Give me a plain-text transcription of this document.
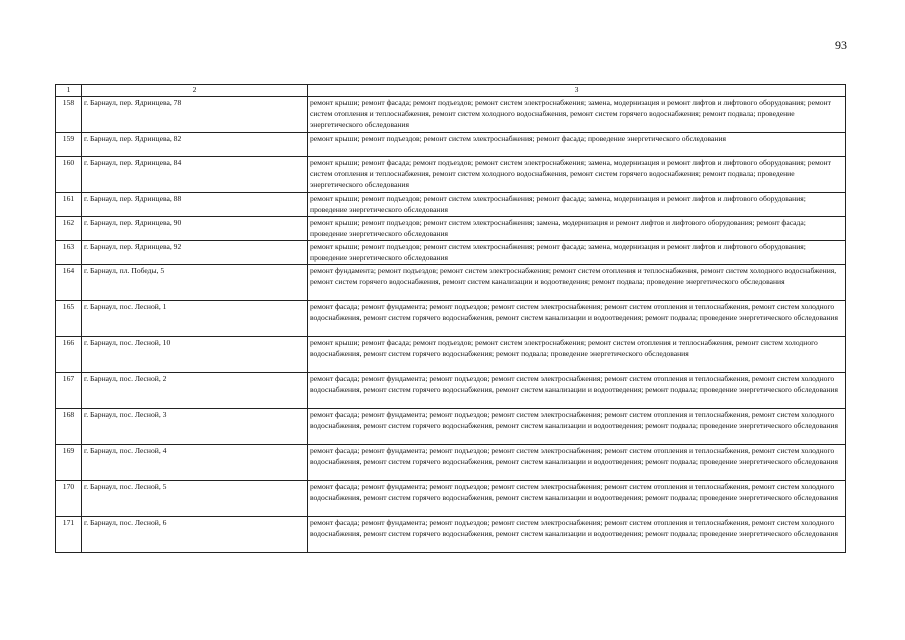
93
1	2	3
158	г. Барнаул, пер. Ядринцева, 78	ремонт крыши; ремонт фасада; ремонт подъездов; ремонт систем электроснабжения; замена, модернизация и ремонт лифтов и лифтового оборудования; ремонт систем отопления и теплоснабжения, ремонт систем холодного водоснабжения, ремонт систем горячего водоснабжения; ремонт подвала; проведение энергетического обследования
159	г. Барнаул, пер. Ядринцева, 82	ремонт крыши; ремонт подъездов; ремонт систем электроснабжения; ремонт фасада; проведение энергетического обследования
160	г. Барнаул, пер. Ядринцева, 84	ремонт крыши; ремонт фасада; ремонт подъездов; ремонт систем электроснабжения; замена, модернизация и ремонт лифтов и лифтового оборудования; ремонт систем отопления и теплоснабжения, ремонт систем холодного водоснабжения, ремонт систем горячего водоснабжения; ремонт подвала; проведение энергетического обследования
161	г. Барнаул, пер. Ядринцева, 88	ремонт крыши; ремонт подъездов; ремонт систем электроснабжения; ремонт фасада; замена, модернизация и ремонт лифтов и лифтового оборудования; проведение энергетического обследования
162	г. Барнаул, пер. Ядринцева, 90	ремонт крыши; ремонт подъездов; ремонт систем электроснабжения; замена, модернизация и ремонт лифтов и лифтового оборудования; ремонт фасада; проведение энергетического обследования
163	г. Барнаул, пер. Ядринцева, 92	ремонт крыши; ремонт подъездов; ремонт систем электроснабжения; ремонт фасада; замена, модернизация и ремонт лифтов и лифтового оборудования; проведение энергетического обследования
164	г. Барнаул, пл. Победы, 5	ремонт фундамента; ремонт подъездов; ремонт систем электроснабжения; ремонт систем отопления и теплоснабжения, ремонт систем холодного водоснабжения, ремонт систем горячего водоснабжения, ремонт систем канализации и водоотведения; ремонт подвала; проведение энергетического обследования
165	г. Барнаул, пос. Лесной, 1	ремонт фасада; ремонт фундамента; ремонт подъездов; ремонт систем электроснабжения; ремонт систем отопления и теплоснабжения, ремонт систем холодного водоснабжения, ремонт систем горячего водоснабжения, ремонт систем канализации и водоотведения; ремонт подвала; проведение энергетического обследования
166	г. Барнаул, пос. Лесной, 10	ремонт крыши; ремонт фасада; ремонт подъездов; ремонт систем электроснабжения; ремонт систем отопления и теплоснабжения, ремонт систем холодного водоснабжения, ремонт систем горячего водоснабжения; ремонт подвала; проведение энергетического обследования
167	г. Барнаул, пос. Лесной, 2	ремонт фасада; ремонт фундамента; ремонт подъездов; ремонт систем электроснабжения; ремонт систем отопления и теплоснабжения, ремонт систем холодного водоснабжения, ремонт систем горячего водоснабжения, ремонт систем канализации и водоотведения; ремонт подвала; проведение энергетического обследования
168	г. Барнаул, пос. Лесной, 3	ремонт фасада; ремонт фундамента; ремонт подъездов; ремонт систем электроснабжения; ремонт систем отопления и теплоснабжения, ремонт систем холодного водоснабжения, ремонт систем горячего водоснабжения, ремонт систем канализации и водоотведения; ремонт подвала; проведение энергетического обследования
169	г. Барнаул, пос. Лесной, 4	ремонт фасада; ремонт фундамента; ремонт подъездов; ремонт систем электроснабжения; ремонт систем отопления и теплоснабжения, ремонт систем холодного водоснабжения, ремонт систем горячего водоснабжения, ремонт систем канализации и водоотведения; ремонт подвала; проведение энергетического обследования
170	г. Барнаул, пос. Лесной, 5	ремонт фасада; ремонт фундамента; ремонт подъездов; ремонт систем электроснабжения; ремонт систем отопления и теплоснабжения, ремонт систем холодного водоснабжения, ремонт систем горячего водоснабжения, ремонт систем канализации и водоотведения; ремонт подвала; проведение энергетического обследования
171	г. Барнаул, пос. Лесной, 6	ремонт фасада; ремонт фундамента; ремонт подъездов; ремонт систем электроснабжения; ремонт систем отопления и теплоснабжения, ремонт систем холодного водоснабжения, ремонт систем горячего водоснабжения, ремонт систем канализации и водоотведения; ремонт подвала; проведение энергетического обследования
